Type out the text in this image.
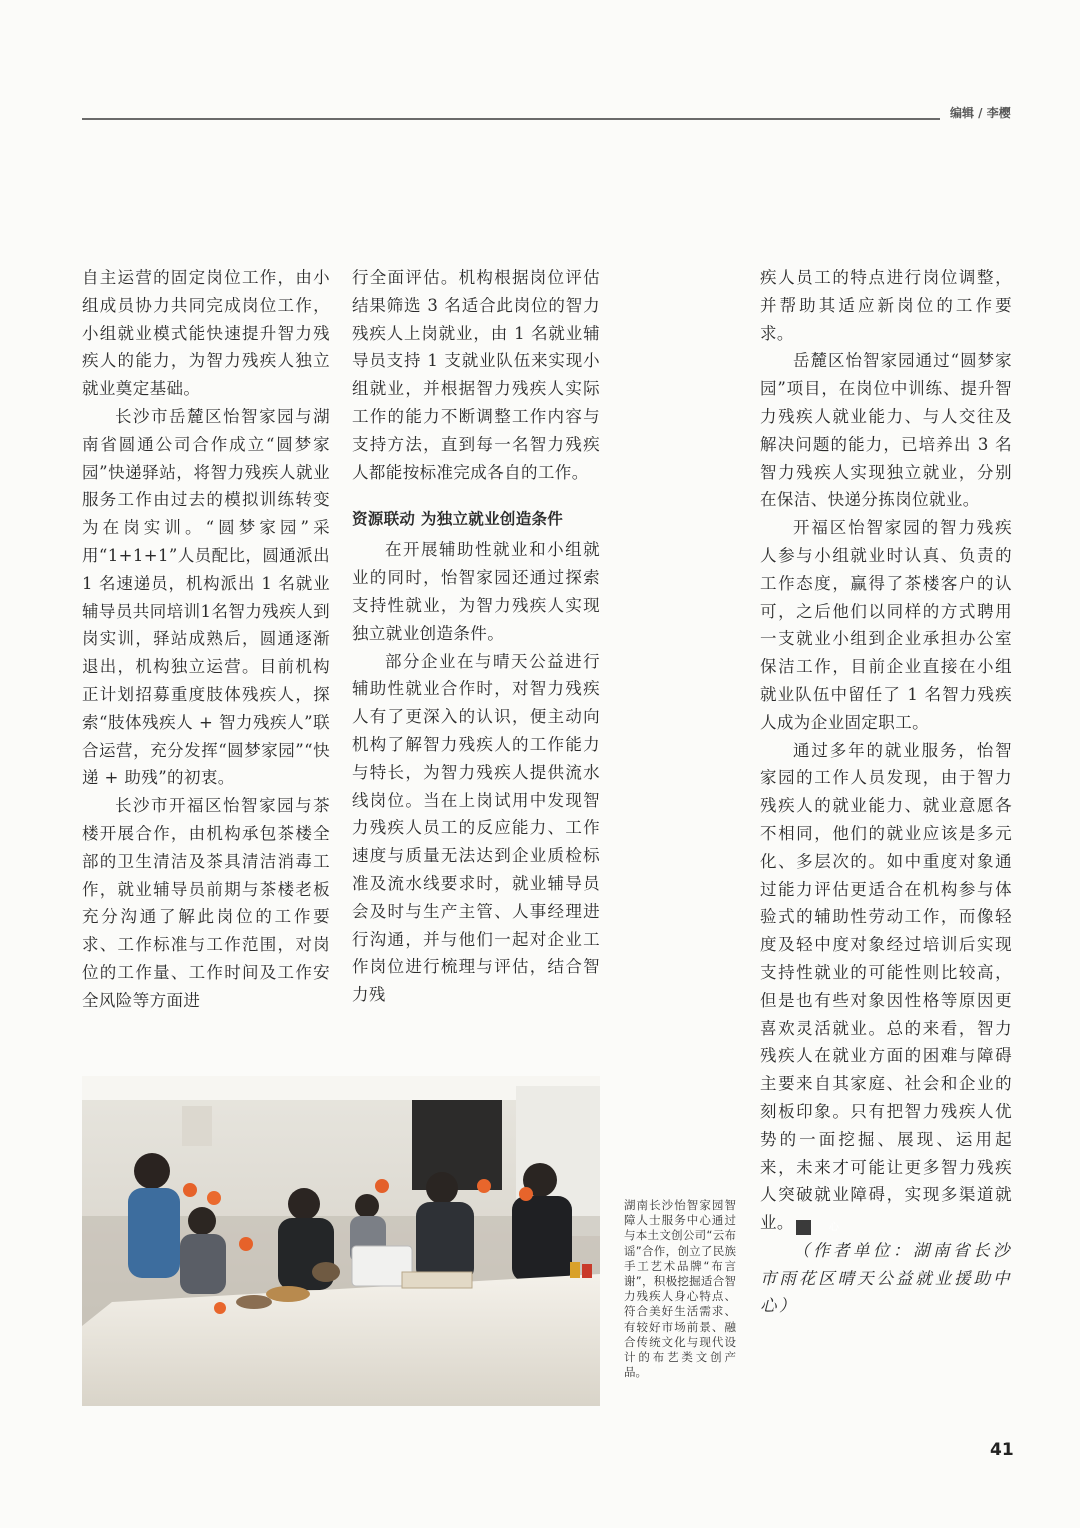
编辑 / 李樱

自主运营的固定岗位工作，由小组成员协力共同完成岗位工作，小组就业模式能快速提升智力残疾人的能力，为智力残疾人独立就业奠定基础。

长沙市岳麓区怡智家园与湖南省圆通公司合作成立“圆梦家园”快递驿站，将智力残疾人就业服务工作由过去的模拟训练转变为在岗实训。“圆梦家园”采用“1+1+1”人员配比，圆通派出 1 名速递员，机构派出 1 名就业辅导员共同培训1名智力残疾人到岗实训，驿站成熟后，圆通逐渐退出，机构独立运营。目前机构正计划招募重度肢体残疾人，探索“肢体残疾人 + 智力残疾人”联合运营，充分发挥“圆梦家园”“快递 + 助残”的初衷。

长沙市开福区怡智家园与茶楼开展合作，由机构承包茶楼全部的卫生清洁及茶具清洁消毒工作，就业辅导员前期与茶楼老板充分沟通了解此岗位的工作要求、工作标准与工作范围，对岗位的工作量、工作时间及工作安全风险等方面进

行全面评估。机构根据岗位评估结果筛选 3 名适合此岗位的智力残疾人上岗就业，由 1 名就业辅导员支持 1 支就业队伍来实现小组就业，并根据智力残疾人实际工作的能力不断调整工作内容与支持方法，直到每一名智力残疾人都能按标准完成各自的工作。

资源联动 为独立就业创造条件

在开展辅助性就业和小组就业的同时，怡智家园还通过探索支持性就业，为智力残疾人实现独立就业创造条件。

部分企业在与晴天公益进行辅助性就业合作时，对智力残疾人有了更深入的认识，便主动向机构了解智力残疾人的工作能力与特长，为智力残疾人提供流水线岗位。当在上岗试用中发现智力残疾人员工的反应能力、工作速度与质量无法达到企业质检标准及流水线要求时，就业辅导员会及时与生产主管、人事经理进行沟通，并与他们一起对企业工作岗位进行梳理与评估，结合智力残

疾人员工的特点进行岗位调整，并帮助其适应新岗位的工作要求。

岳麓区怡智家园通过“圆梦家园”项目，在岗位中训练、提升智力残疾人就业能力、与人交往及解决问题的能力，已培养出 3 名智力残疾人实现独立就业，分别在保洁、快递分拣岗位就业。

开福区怡智家园的智力残疾人参与小组就业时认真、负责的工作态度，赢得了茶楼客户的认可，之后他们以同样的方式聘用一支就业小组到企业承担办公室保洁工作，目前企业直接在小组就业队伍中留任了 1 名智力残疾人成为企业固定职工。

通过多年的就业服务，怡智家园的工作人员发现，由于智力残疾人的就业能力、就业意愿各不相同，他们的就业应该是多元化、多层次的。如中重度对象通过能力评估更适合在机构参与体验式的辅助性劳动工作，而像轻度及轻中度对象经过培训后实现支持性就业的可能性则比较高，但是也有些对象因性格等原因更喜欢灵活就业。总的来看，智力残疾人在就业方面的困难与障碍主要来自其家庭、社会和企业的刻板印象。只有把智力残疾人优势的一面挖掘、展现、运用起来，未来才可能让更多智力残疾人突破就业障碍，实现多渠道就业。	心

（作者单位：湖南省长沙市雨花区晴天公益就业援助中心）

湖南长沙怡智家园智障人士服务中心通过与本土文创公司“云布谣”合作，创立了民族手工艺术品牌“布言谢”，积极挖掘适合智力残疾人身心特点、符合美好生活需求、有较好市场前景、融合传统文化与现代设计的布艺类文创产品。
41
